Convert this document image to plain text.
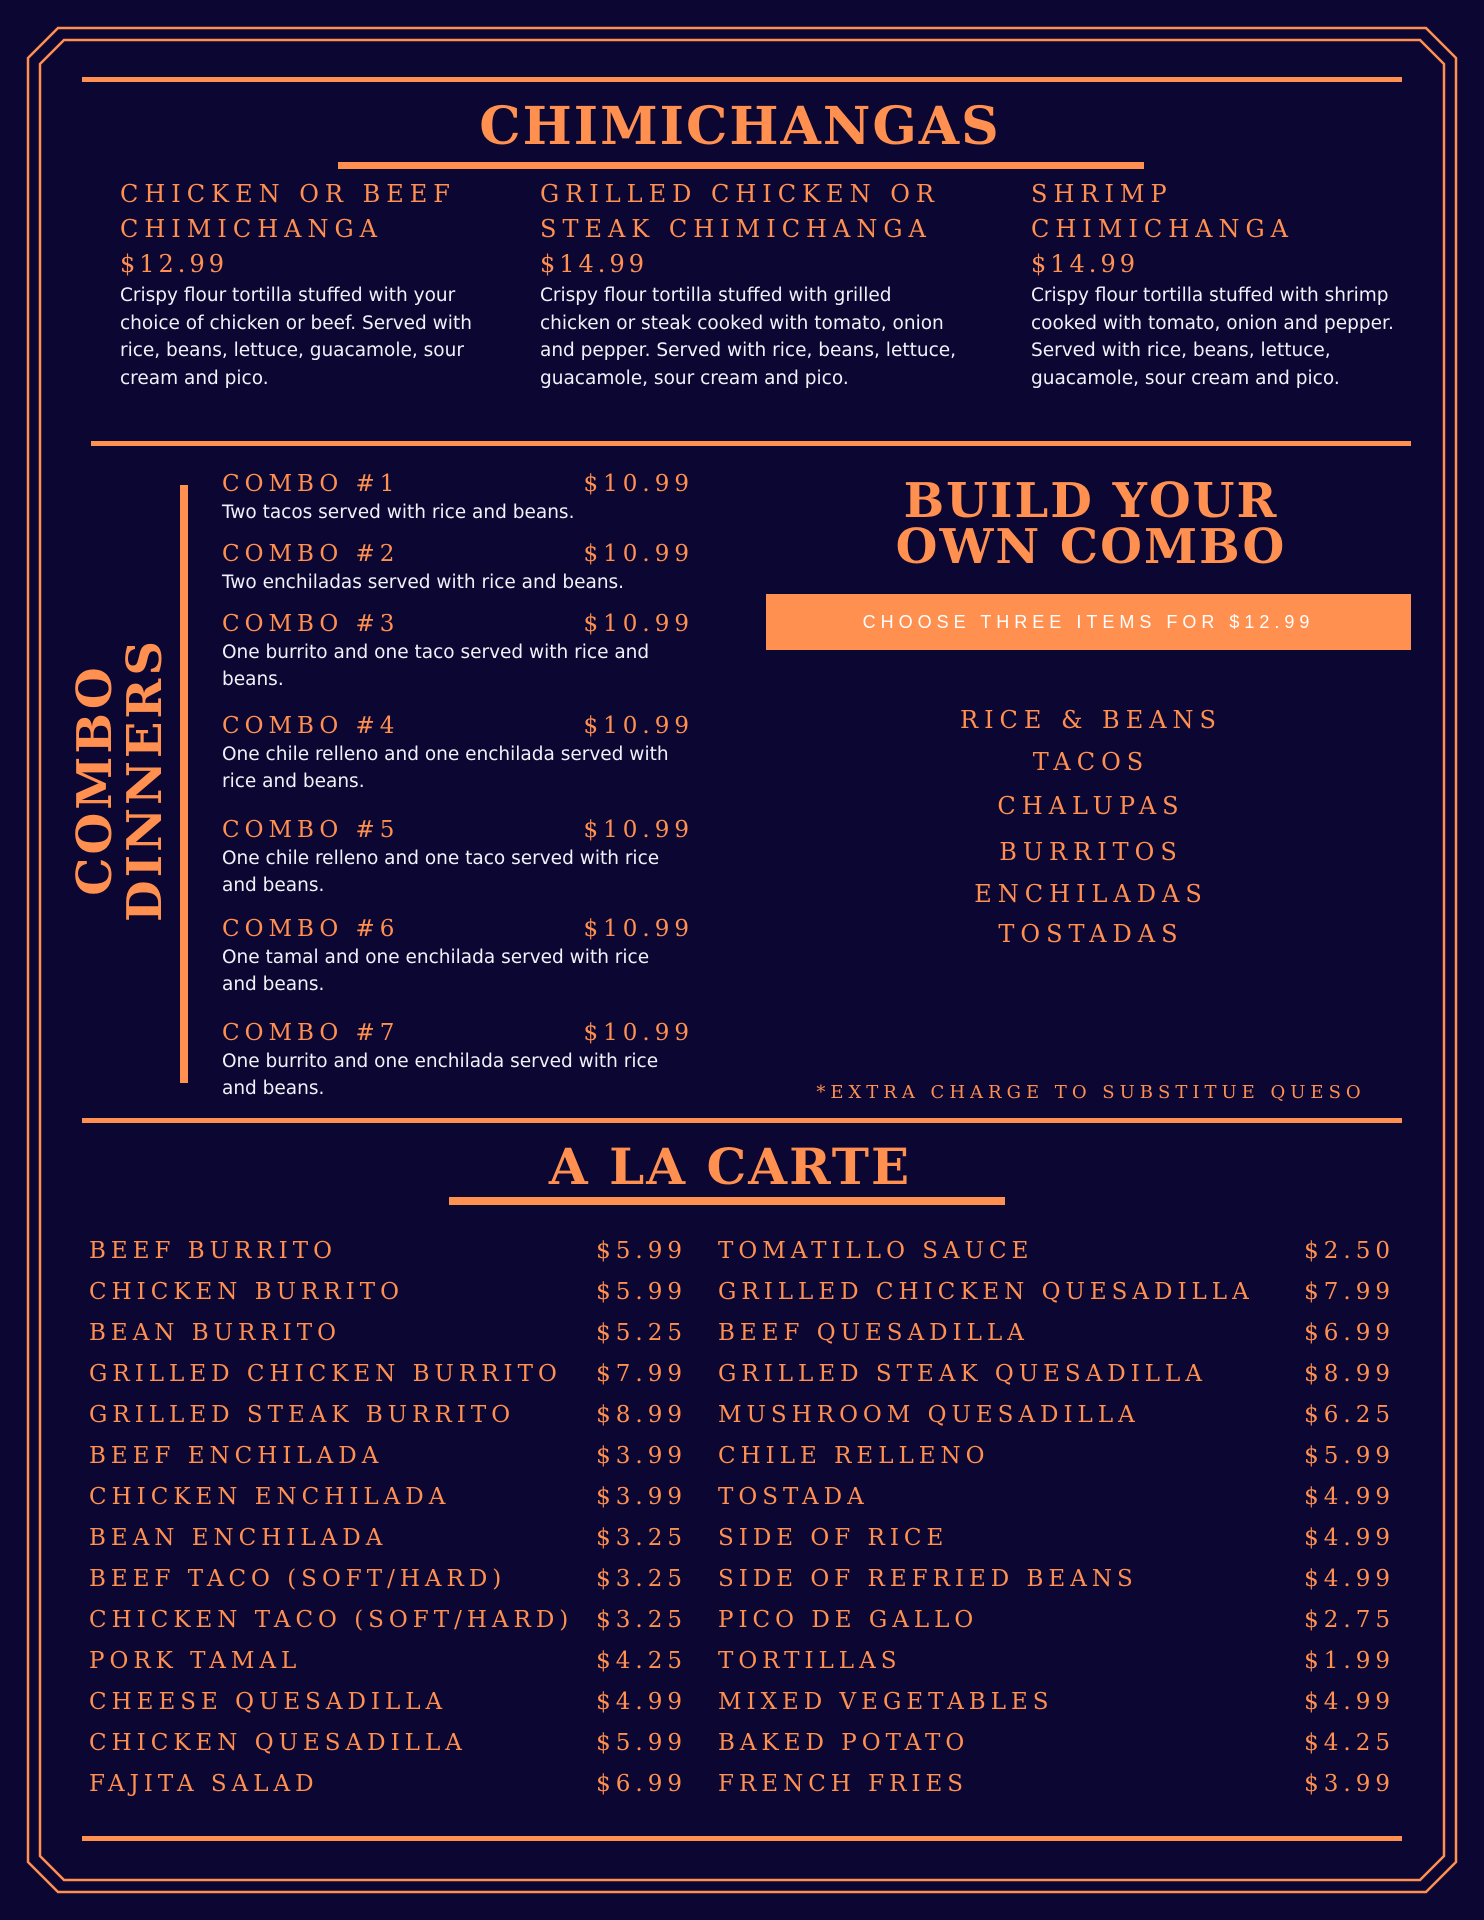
CHIMICHANGAS
CHICKEN OR BEEF
CHIMICHANGA
$12.99
Crispy flour tortilla stuffed with your choice of chicken or beef. Served with rice, beans, lettuce, guacamole, sour cream and pico.
GRILLED CHICKEN OR
STEAK CHIMICHANGA
$14.99
Crispy flour tortilla stuffed with grilled chicken or steak cooked with tomato, onion and pepper. Served with rice, beans, lettuce, guacamole, sour cream and pico.
SHRIMP
CHIMICHANGA
$14.99
Crispy flour tortilla stuffed with shrimp cooked with tomato, onion and pepper. Served with rice, beans, lettuce, guacamole, sour cream and pico.
COMBO
DINNERS
COMBO #1	$10.99
Two tacos served with rice and beans.
COMBO #2	$10.99
Two enchiladas served with rice and beans.
COMBO #3	$10.99
One burrito and one taco served with rice and beans.
COMBO #4	$10.99
One chile relleno and one enchilada served with rice and beans.
COMBO #5	$10.99
One chile relleno and one taco served with rice and beans.
COMBO #6	$10.99
One tamal and one enchilada served with rice and beans.
COMBO #7	$10.99
One burrito and one enchilada served with rice and beans.
BUILD YOUR
OWN COMBO
CHOOSE THREE ITEMS FOR $12.99
RICE & BEANS
TACOS
CHALUPAS
BURRITOS
ENCHILADAS
TOSTADAS
*EXTRA CHARGE TO SUBSTITUE QUESO
A LA CARTE
BEEF BURRITO	$5.99
CHICKEN BURRITO	$5.99
BEAN BURRITO	$5.25
GRILLED CHICKEN BURRITO $7.99
GRILLED STEAK BURRITO	$8.99
BEEF ENCHILADA	$3.99
CHICKEN ENCHILADA	$3.99
BEAN ENCHILADA	$3.25
BEEF TACO (SOFT/HARD)	$3.25
CHICKEN TACO (SOFT/HARD) $3.25
PORK TAMAL	$4.25
CHEESE QUESADILLA	$4.99
CHICKEN QUESADILLA	$5.99
FAJITA SALAD	$6.99
TOMATILLO SAUCE	$2.50
GRILLED CHICKEN QUESADILLA $7.99
BEEF QUESADILLA	$6.99
GRILLED STEAK QUESADILLA	$8.99
MUSHROOM QUESADILLA	$6.25
CHILE RELLENO	$5.99
TOSTADA	$4.99
SIDE OF RICE	$4.99
SIDE OF REFRIED BEANS	$4.99
PICO DE GALLO	$2.75
TORTILLAS	$1.99
MIXED VEGETABLES	$4.99
BAKED POTATO	$4.25
FRENCH FRIES	$3.99
